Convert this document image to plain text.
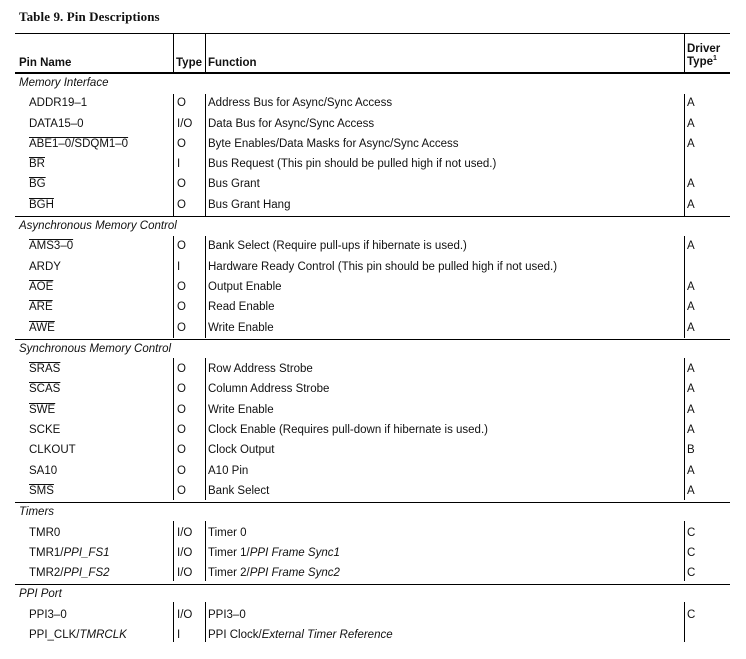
Table 9. Pin Descriptions
Pin Name	Type Function
Driver
Type$^1$
Memory Interface
ADDR19–1	O Address Bus for Async/Sync Access	A
DATA15–0	I/O Data Bus for Async/Sync Access	A
ABE1–0/SDQM1–0	O Byte Enables/Data Masks for Async/Sync Access	A
$\overline{BR}$	I Bus Request (This pin should be pulled high if not used.)
$\overline{BG}$	O Bus Grant	A
$\overline{BGH}$	O Bus Grant Hang	A
Asynchronous Memory Control
AMS3–0	O Bank Select (Require pull-ups if hibernate is used.)	A
ARDY	I Hardware Ready Control (This pin should be pulled high if not used.)
$\overline{AOE}$	O Output Enable	A
$\overline{ARE}$	O Read Enable	A
$\overline{AWE}$	O Write Enable	A
Synchronous Memory Control
SRAS	O Row Address Strobe	A
SCAS	O Column Address Strobe	A
$\overline{SWE}$	O Write Enable	A
SCKE	O Clock Enable (Requires pull-down if hibernate is used.)	A
CLKOUT	O Clock Output	B
SA10	O A10 Pin	A
$\overline{SMS}$	O Bank Select	A
Timers
TMR0	I/O Timer 0	C
TMR1/PPI_FS1	I/O Timer 1/PPI Frame Sync1	C
TMR2/PPI_FS2	I/O Timer 2/PPI Frame Sync2	C
PPI Port
PPI3–0	I/O PPI3–0	C
PPI_CLK/TMRCLK	I PPI Clock/External Timer Reference
